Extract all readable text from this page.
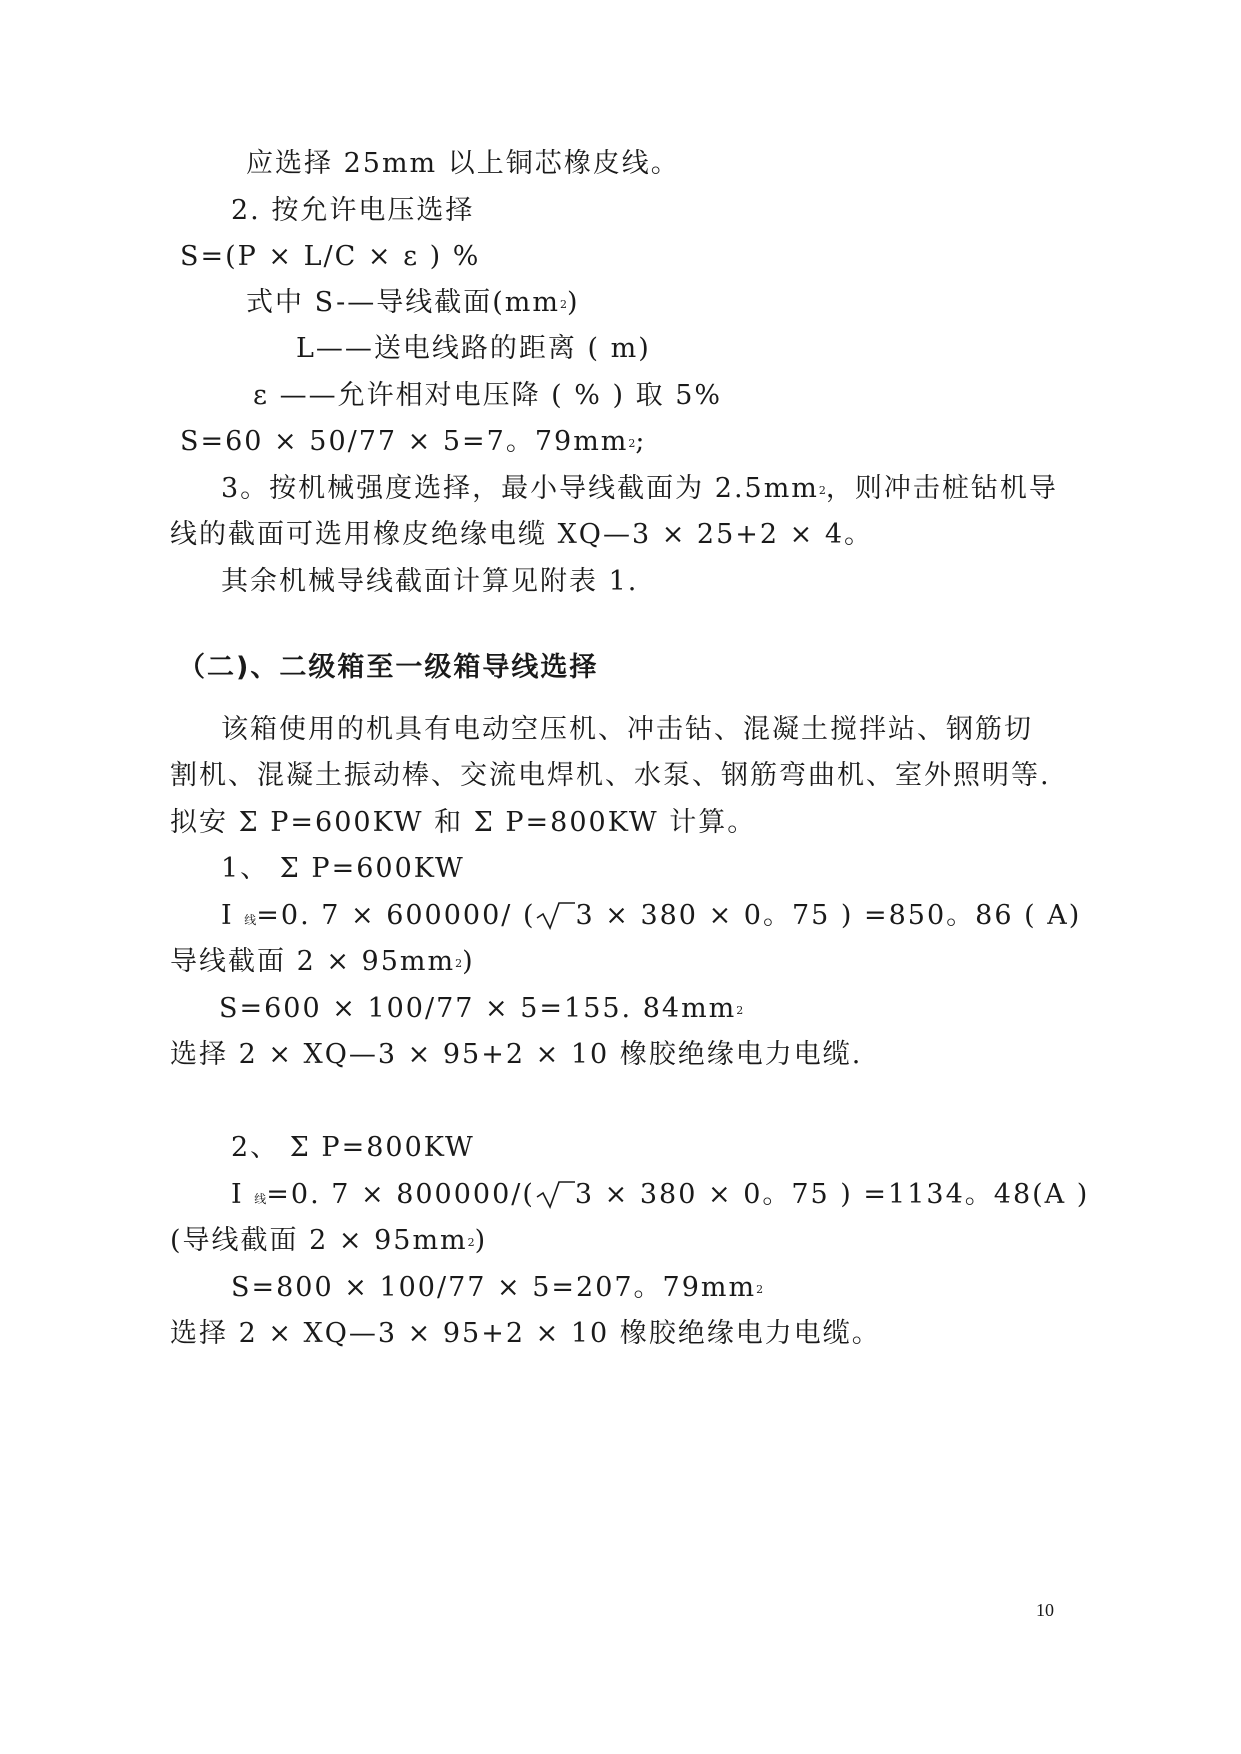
应选择 25mm 以上铜芯橡皮线。
2. 按允许电压选择
S=(P × L/C × ε ) %
式中 S-—导线截面$(mm^2)$
L——送电线路的距离 ( m)
ε ——允许相对电压降 ( % ) 取 5%
S=60 × 50/77 × 5=7。$79mm^2$;
3。按机械强度选择，最小导线截面为 $2.5mm^2$，则冲击桩钻机导
线的截面可选用橡皮绝缘电缆 XQ—3 × 25+2 × 4。
其余机械导线截面计算见附表 1.
（二)、二级箱至一级箱导线选择
该箱使用的机具有电动空压机、冲击钻、混凝土搅拌站、钢筋切
割机、混凝土振动棒、交流电焊机、水泵、钢筋弯曲机、室外照明等.
拟安 Σ P=600KW 和 Σ P=800KW 计算。
1、 Σ P=600KW
I $_线$=0. 7 × 600000/ ( 3 × 380 × 0。75 ) =850。86 ( A)
导线截面 $2 \times 95mm^2$)
S=600 × 100/77 × 5=155. $84mm^2$
选择 2 × XQ—3 × 95+2 × 10 橡胶绝缘电力电缆.
2、 Σ P=800KW
I $_线$=0. 7 × 800000/( 3 × 380 × 0。75 ) =1134。48(A )
(导线截面 $2 \times 95mm^2$)
S=800 × 100/77 × 5=207。$79mm^2$
选择 2 × XQ—3 × 95+2 × 10 橡胶绝缘电力电缆。
10
